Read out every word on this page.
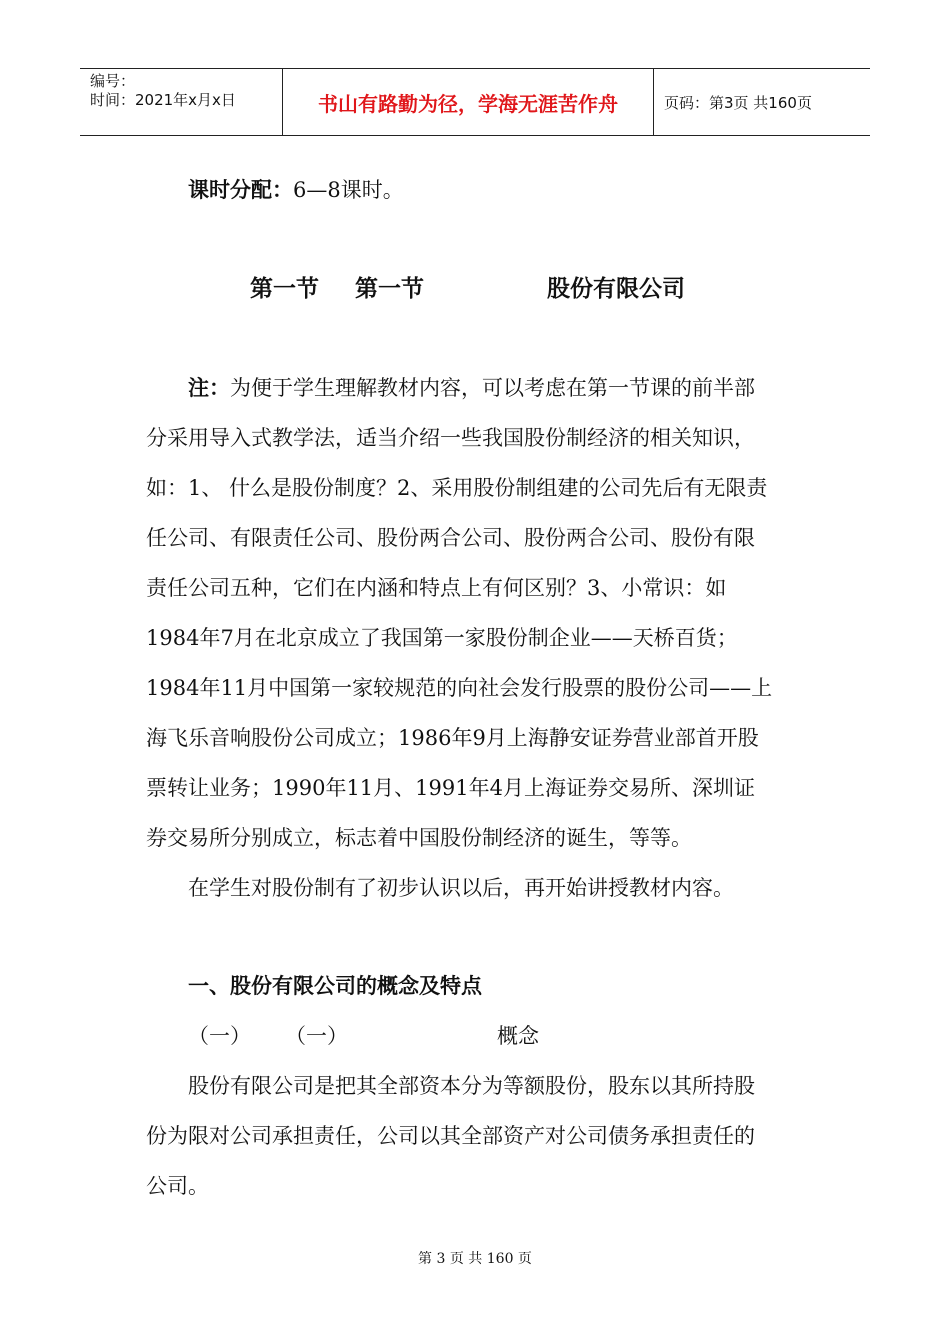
编号：
时间：2021年x月x日	书山有路勤为径，学海无涯苦作舟	页码：第3页 共160页
课时分配：6—8课时。
第一节 第一节	股份有限公司
注：为便于学生理解教材内容，可以考虑在第一节课的前半部
分采用导入式教学法，适当介绍一些我国股份制经济的相关知识，
如：1、 什么是股份制度？2、采用股份制组建的公司先后有无限责
任公司、有限责任公司、股份两合公司、股份两合公司、股份有限
责任公司五种，它们在内涵和特点上有何区别？3、小常识：如
1984年7月在北京成立了我国第一家股份制企业——天桥百货；
1984年11月中国第一家较规范的向社会发行股票的股份公司——上
海飞乐音响股份公司成立；1986年9月上海静安证券营业部首开股
票转让业务；1990年11月、1991年4月上海证券交易所、深圳证
券交易所分别成立，标志着中国股份制经济的诞生，等等。
在学生对股份制有了初步认识以后，再开始讲授教材内容。
一、股份有限公司的概念及特点
（一） （一）	概念
股份有限公司是把其全部资本分为等额股份，股东以其所持股
份为限对公司承担责任，公司以其全部资产对公司债务承担责任的
公司。
第 3 页 共 160 页
